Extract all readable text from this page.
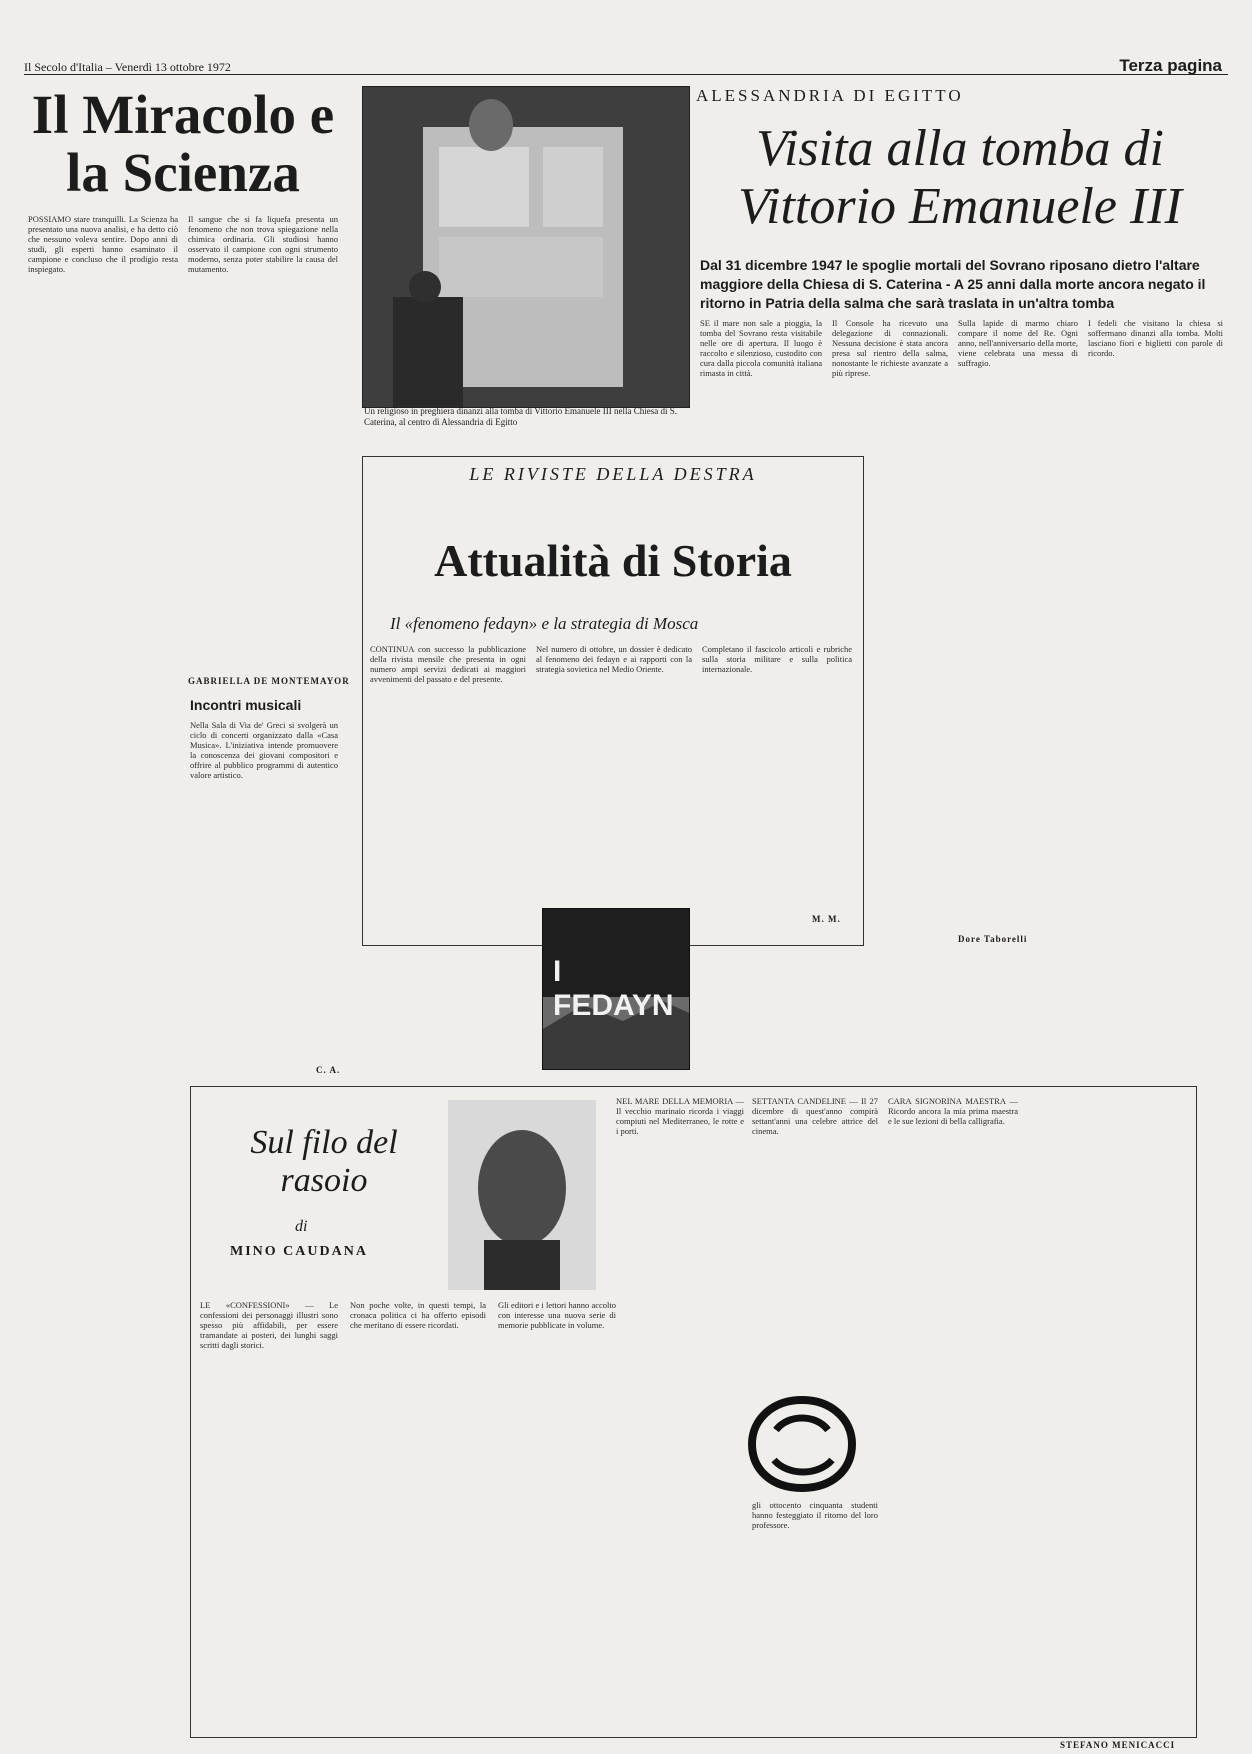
Il Secolo d'Italia – Venerdì 13 ottobre 1972	Terza pagina
Il Miracolo e la Scienza
POSSIAMO stare tranquilli. La Scienza ha presentato una nuova analisi, e ha detto ciò che nessuno voleva sentire. Dopo anni di studi, gli esperti hanno esaminato il campione e concluso che il prodigio resta inspiegato.
Il sangue che si fa liquefa presenta un fenomeno che non trova spiegazione nella chimica ordinaria. Gli studiosi hanno osservato il campione con ogni strumento moderno, senza poter stabilire la causa del mutamento.
GABRIELLA DE MONTEMAYOR
Incontri musicali
Nella Sala di Via de' Greci si svolgerà un ciclo di concerti organizzato dalla «Casa Musica». L'iniziativa intende promuovere la conoscenza dei giovani compositori e offrire al pubblico programmi di autentico valore artistico.
C. A.
Un religioso in preghiera dinanzi alla tomba di Vittorio Emanuele III nella Chiesa di S. Caterina, al centro di Alessandria di Egitto
ALESSANDRIA DI EGITTO
Visita alla tomba di Vittorio Emanuele III
Dal 31 dicembre 1947 le spoglie mortali del Sovrano riposano dietro l'altare maggiore della Chiesa di S. Caterina - A 25 anni dalla morte ancora negato il ritorno in Patria della salma che sarà traslata in un'altra tomba
SE il mare non sale a pioggia, la tomba del Sovrano resta visitabile nelle ore di apertura. Il luogo è raccolto e silenzioso, custodito con cura dalla piccola comunità italiana rimasta in città.
Il Console ha ricevuto una delegazione di connazionali. Nessuna decisione è stata ancora presa sul rientro della salma, nonostante le richieste avanzate a più riprese.
Sulla lapide di marmo chiaro compare il nome del Re. Ogni anno, nell'anniversario della morte, viene celebrata una messa di suffragio.
I fedeli che visitano la chiesa si soffermano dinanzi alla tomba. Molti lasciano fiori e biglietti con parole di ricordo.
Dore Taborelli
LE RIVISTE DELLA DESTRA
Attualità di Storia
Il «fenomeno fedayn» e la strategia di Mosca
CONTINUA con successo la pubblicazione della rivista mensile che presenta in ogni numero ampi servizi dedicati ai maggiori avvenimenti del passato e del presente.
Nel numero di ottobre, un dossier è dedicato al fenomeno dei fedayn e ai rapporti con la strategia sovietica nel Medio Oriente.
Completano il fascicolo articoli e rubriche sulla storia militare e sulla politica internazionale.
I FEDAYN
M. M.
Sul filo del rasoio
di
MINO CAUDANA
LE «CONFESSIONI» — Le confessioni dei personaggi illustri sono spesso più affidabili, per essere tramandate ai posteri, dei lunghi saggi scritti dagli storici.
Non poche volte, in questi tempi, la cronaca politica ci ha offerto episodi che meritano di essere ricordati.
Gli editori e i lettori hanno accolto con interesse una nuova serie di memorie pubblicate in volume.
NEL MARE DELLA MEMORIA — Il vecchio marinaio ricorda i viaggi compiuti nel Mediterraneo, le rotte e i porti.
SETTANTA CANDELINE — Il 27 dicembre di quest'anno compirà settant'anni una celebre attrice del cinema.
gli ottocento cinquanta studenti hanno festeggiato il ritorno del loro professore.
CARA SIGNORINA MAESTRA — Ricordo ancora la mia prima maestra e le sue lezioni di bella calligrafia.
STEFANO MENICACCI
